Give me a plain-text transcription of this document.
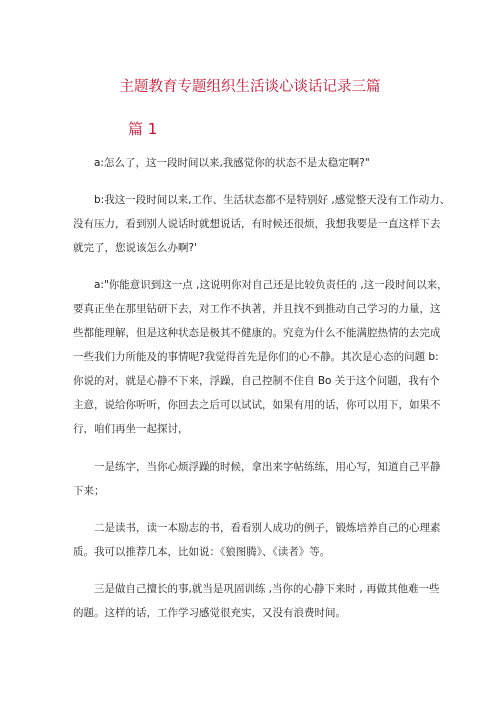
主题教育专题组织生活谈心谈话记录三篇
篇 1
a:怎么了，这一段时间以来,我感觉你的状态不是太稳定啊?"
b:我这一段时间以来,工作、生活状态都不是特别好 ,感觉整天没有工作动力、
没有压力，看到别人说话时就想说话，有时候还很烦，我想我要是一直这样下去
就完了，您说该怎么办啊?'
a:"你能意识到这一点 ,这说明你对自己还是比较负责任的 ,这一段时间以来，
要真正坐在那里钻研下去，对工作不执著，并且找不到推动自己学习的力量，这
些都能理解，但是这种状态是极其不健康的。究竟为什么不能满腔热情的去完成
一些我们力所能及的事情呢?我觉得首先是你们的心不静。其次是心态的问题 b:
你说的对，就是心静不下来，浮躁，自己控制不住自 Bo 关于这个问题，我有个
主意，说给你听听，你回去之后可以试试，如果有用的话，你可以用下，如果不
行，咱们再坐一起探讨，
一是练字，当你心烦浮躁的时候，拿出来字帖练练，用心写，知道自己平静
下来；
二是读书，读一本励志的书，看看别人成功的例子，锻炼培养自己的心理素
质。我可以推荐几本，比如说：《狼图腾》、《读者》等。
三是做自己擅长的事,就当是巩固训练 ,当你的心静下来时 , 再做其他难一些
的题。这样的话，工作学习感觉很充实，又没有浪费时间。
